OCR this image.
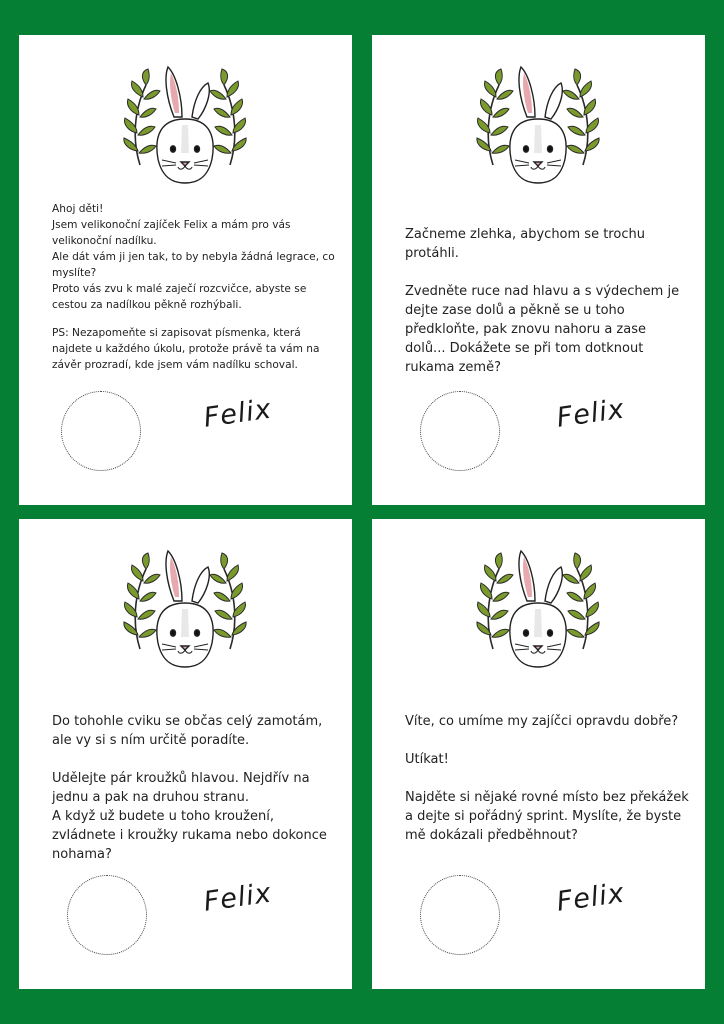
Ahoj děti!
Jsem velikonoční zajíček Felix a mám pro vás velikonoční nadílku.
Ale dát vám ji jen tak, to by nebyla žádná legrace, co myslíte?
Proto vás zvu k malé zaječí rozcvičce, abyste se cestou za nadílkou pěkně rozhýbali.

PS: Nezapomeňte si zapisovat písmenka, která najdete u každého úkolu, protože právě ta vám na závěr prozradí, kde jsem vám nadílku schoval.

Felix

Začneme zlehka, abychom se trochu protáhli.

Zvedněte ruce nad hlavu a s výdechem je dejte zase dolů a pěkně se u toho předkloňte, pak znovu nahoru a zase dolů... Dokážete se při tom dotknout rukama země?

Felix

Do tohohle cviku se občas celý zamotám, ale vy si s ním určitě poradíte.

Udělejte pár kroužků hlavou. Nejdřív na jednu a pak na druhou stranu.
A když už budete u toho kroužení, zvládnete i kroužky rukama nebo dokonce nohama?

Felix

Víte, co umíme my zajíčci opravdu dobře?

Utíkat!

Najděte si nějaké rovné místo bez překážek a dejte si pořádný sprint. Myslíte, že byste mě dokázali předběhnout?

Felix
